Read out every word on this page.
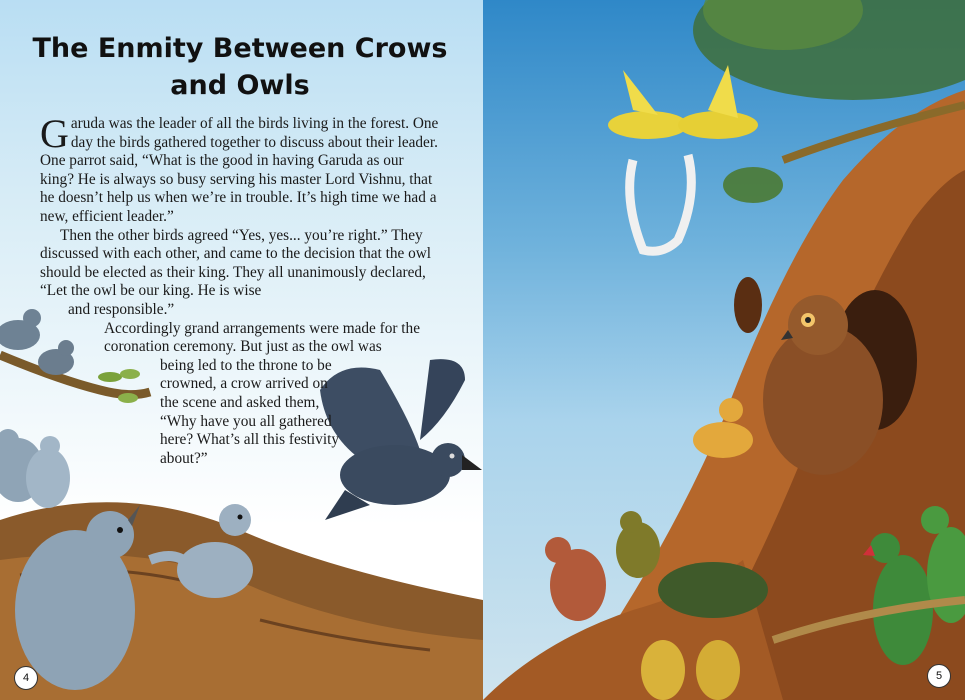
The Enmity Between Crows
and Owls

Garuda was the leader of all the birds living in the forest. One day the birds gathered together to discuss about their leader. One parrot said, “What is the good in having Garuda as our king? He is always so busy serving his master Lord Vishnu, that he doesn’t help us when we’re in trouble. It’s high time we had a new, efficient leader.”

Then the other birds agreed “Yes, yes... you’re right.” They discussed with each other, and came to the decision that the owl should be elected as their king. They all unanimously declared, “Let the owl be our king. He is wise

and responsible.”

Accordingly grand arrangements were made for the coronation ceremony. But just as the owl was

being led to the throne to be crowned, a crow arrived on the scene and asked them, “Why have you all gathered here? What’s all this festivity about?”

4	5
